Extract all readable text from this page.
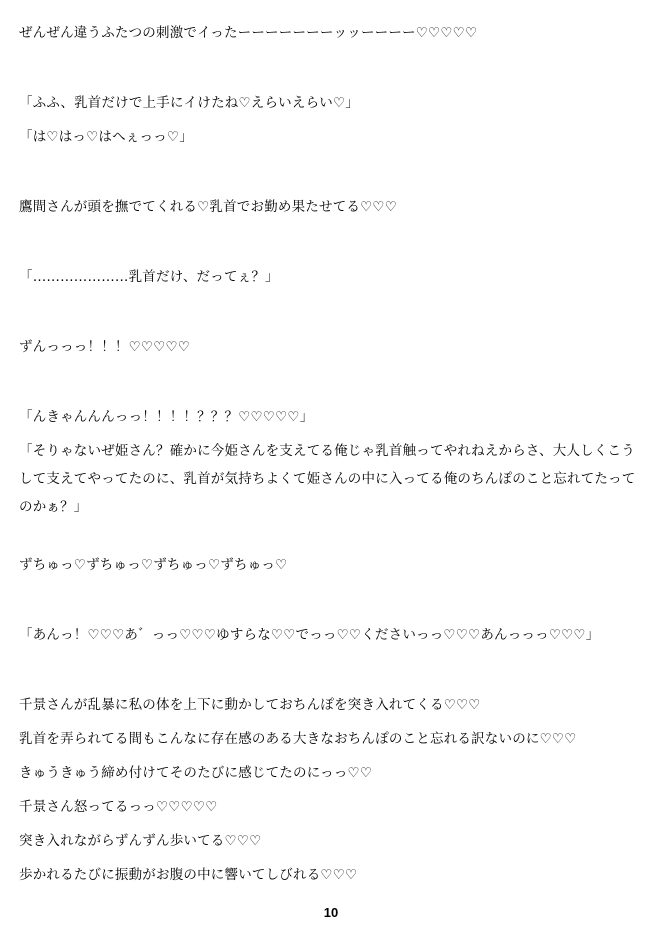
ぜんぜん違うふたつの刺激でイったーーーーーーーッッーーーー♡♡♡♡♡
「ふふ、乳首だけで上手にイけたね♡えらいえらい♡」
「は♡はっ♡はへぇっっ♡」
鷹間さんが頭を撫でてくれる♡乳首でお勤め果たせてる♡♡♡
「…………………乳首だけ、だってぇ？」
ずんっっっ！！！♡♡♡♡♡
「んきゃんんんっっ！！！！？？？♡♡♡♡♡」
「そりゃないぜ姫さん？確かに今姫さんを支えてる俺じゃ乳首触ってやれねえからさ、大人しくこうして支えてやってたのに、乳首が気持ちよくて姫さんの中に入ってる俺のちんぽのこと忘れてたってのかぁ？」
ずちゅっ♡ずちゅっ♡ずちゅっ♡ずちゅっ♡
「あんっ！♡♡♡あ゛っっ♡♡♡ゆすらな♡♡でっっ♡♡くださいっっ♡♡♡あんっっっ♡♡♡」
千景さんが乱暴に私の体を上下に動かしておちんぽを突き入れてくる♡♡♡
乳首を弄られてる間もこんなに存在感のある大きなおちんぽのこと忘れる訳ないのに♡♡♡
きゅうきゅう締め付けてそのたびに感じてたのにっっ♡♡
千景さん怒ってるっっ♡♡♡♡♡
突き入れながらずんずん歩いてる♡♡♡
歩かれるたびに振動がお腹の中に響いてしびれる♡♡♡
10
